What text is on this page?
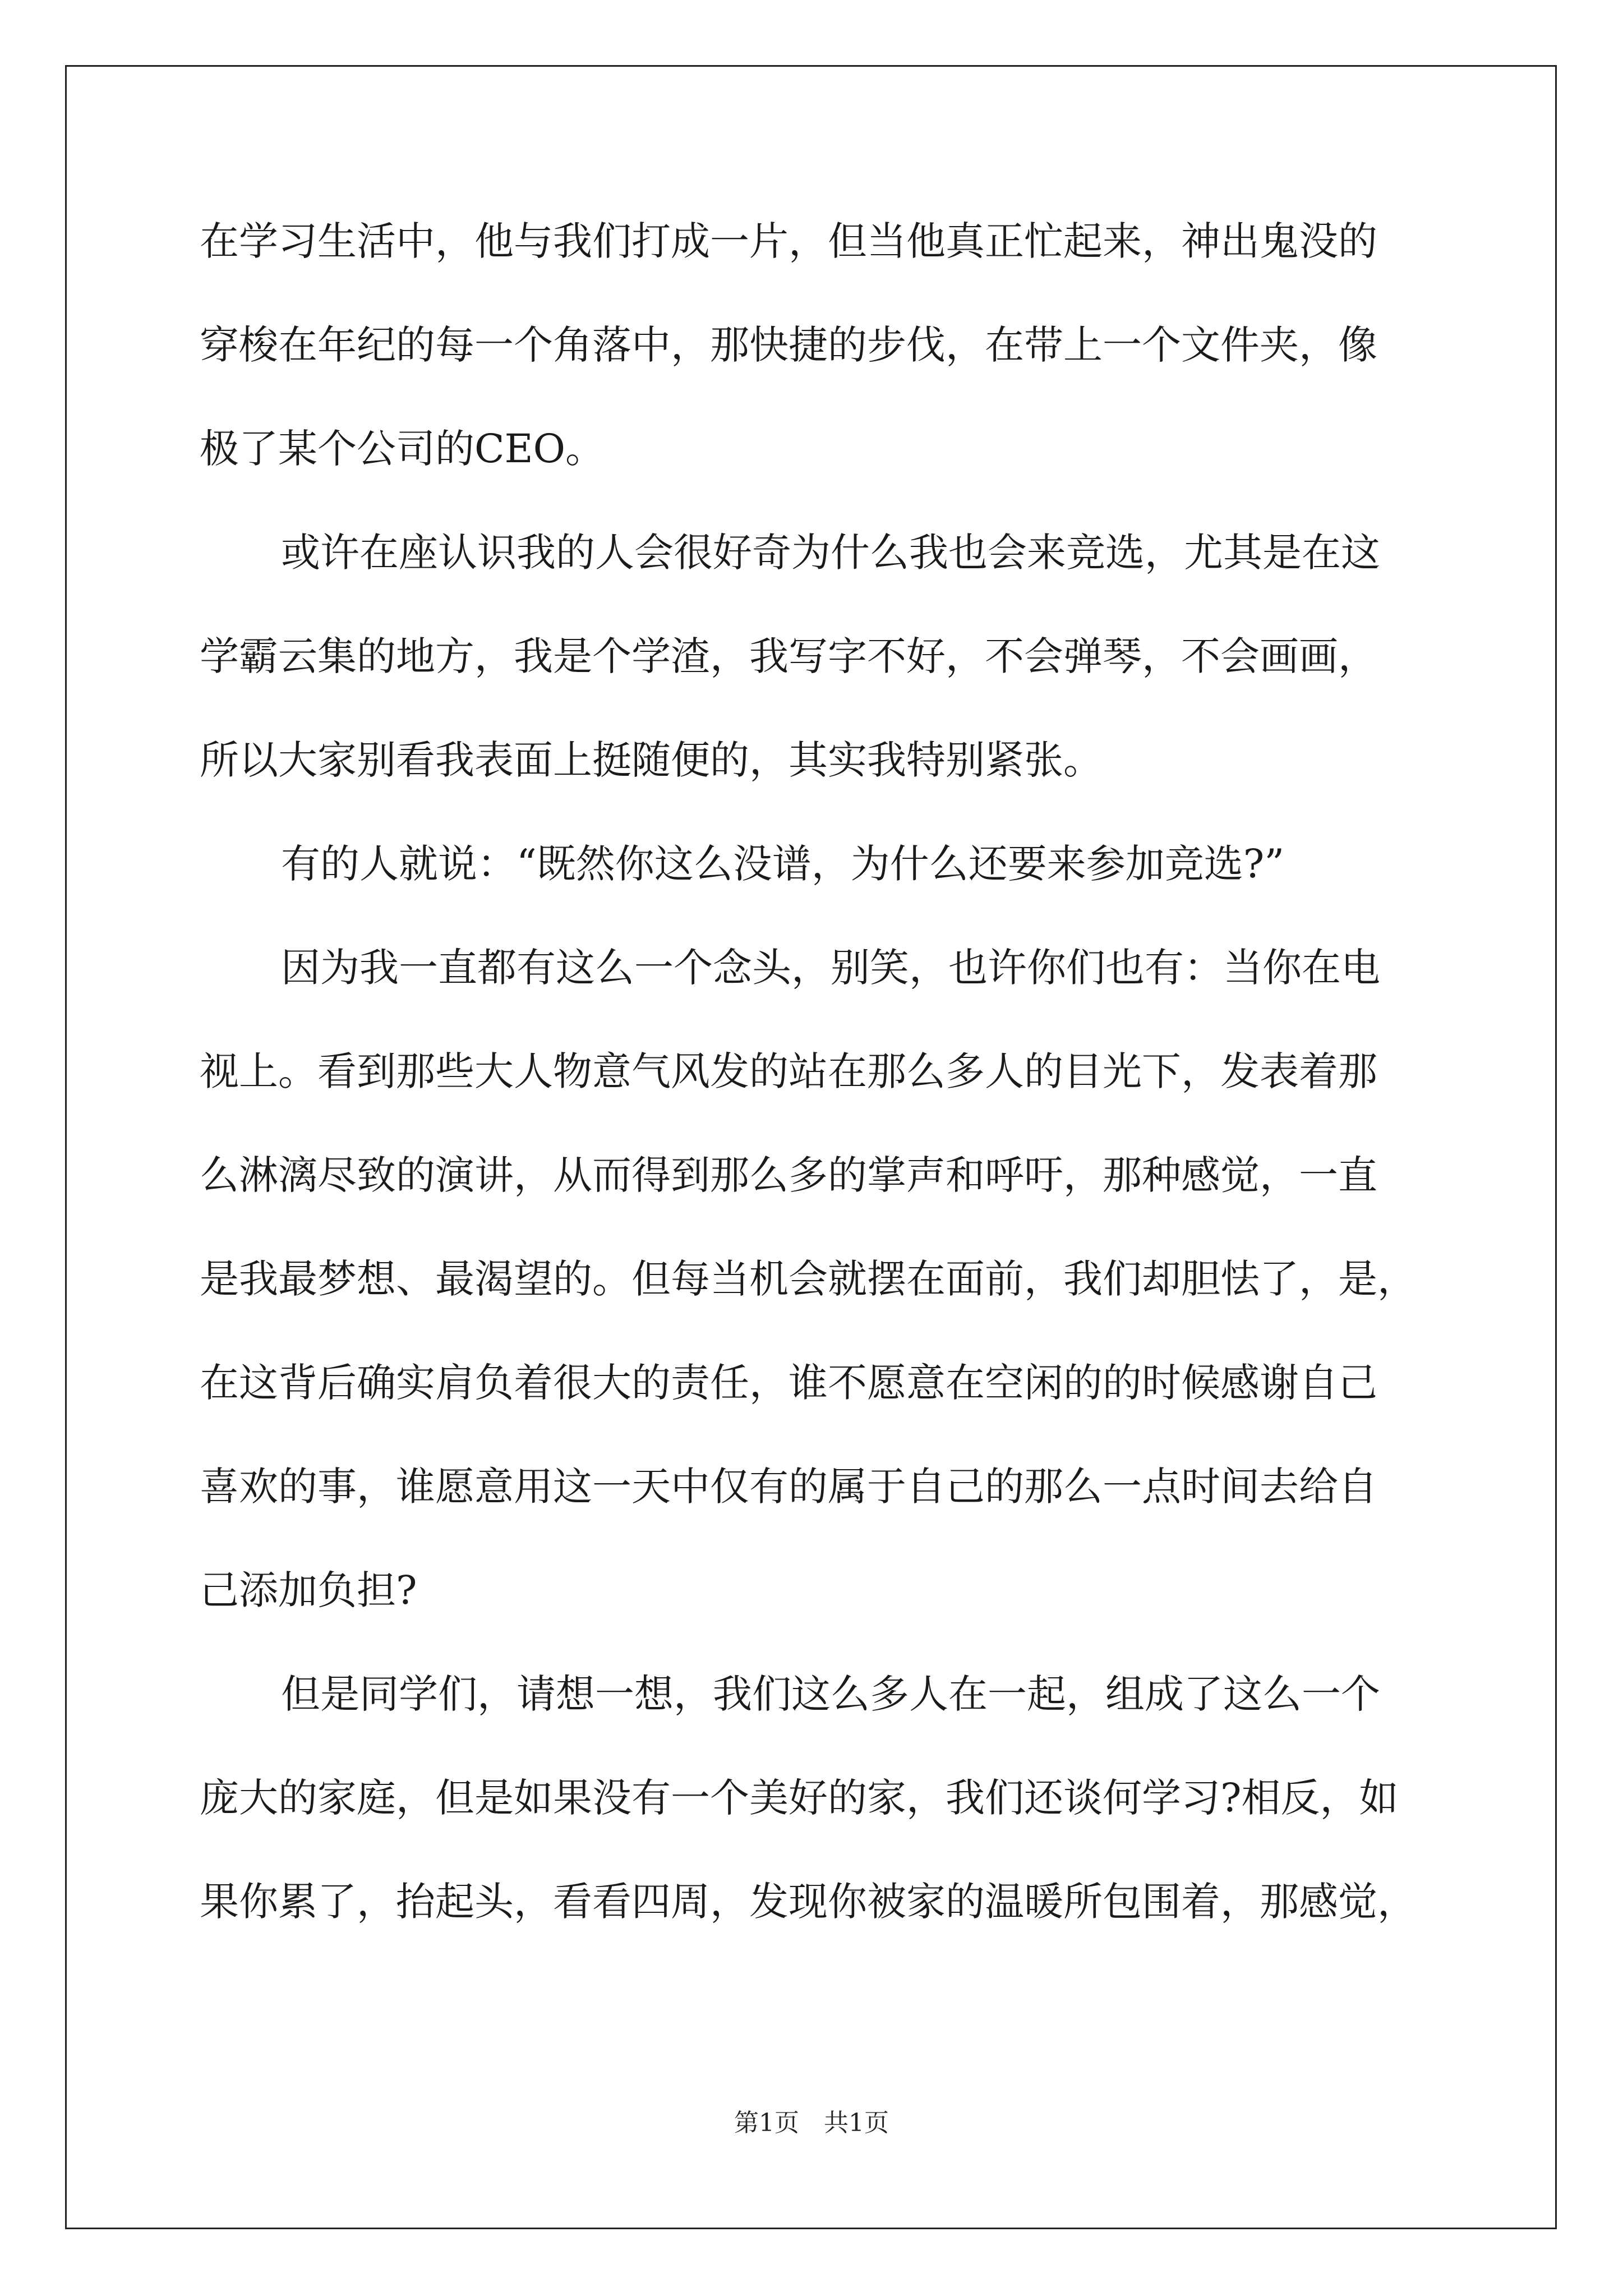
在学习生活中，他与我们打成一片，但当他真正忙起来，神出鬼没的
穿梭在年纪的每一个角落中，那快捷的步伐，在带上一个文件夹，像
极了某个公司的CEO。
或许在座认识我的人会很好奇为什么我也会来竞选，尤其是在这
学霸云集的地方，我是个学渣，我写字不好，不会弹琴，不会画画，
所以大家别看我表面上挺随便的，其实我特别紧张。
有的人就说：“既然你这么没谱，为什么还要来参加竞选?”
因为我一直都有这么一个念头，别笑，也许你们也有：当你在电
视上。看到那些大人物意气风发的站在那么多人的目光下，发表着那
么淋漓尽致的演讲，从而得到那么多的掌声和呼吁，那种感觉，一直
是我最梦想、最渴望的。但每当机会就摆在面前，我们却胆怯了，是，
在这背后确实肩负着很大的责任，谁不愿意在空闲的的时候感谢自己
喜欢的事，谁愿意用这一天中仅有的属于自己的那么一点时间去给自
己添加负担?
但是同学们，请想一想，我们这么多人在一起，组成了这么一个
庞大的家庭，但是如果没有一个美好的家，我们还谈何学习?相反，如
果你累了，抬起头，看看四周，发现你被家的温暖所包围着，那感觉，
第1页　共1页
